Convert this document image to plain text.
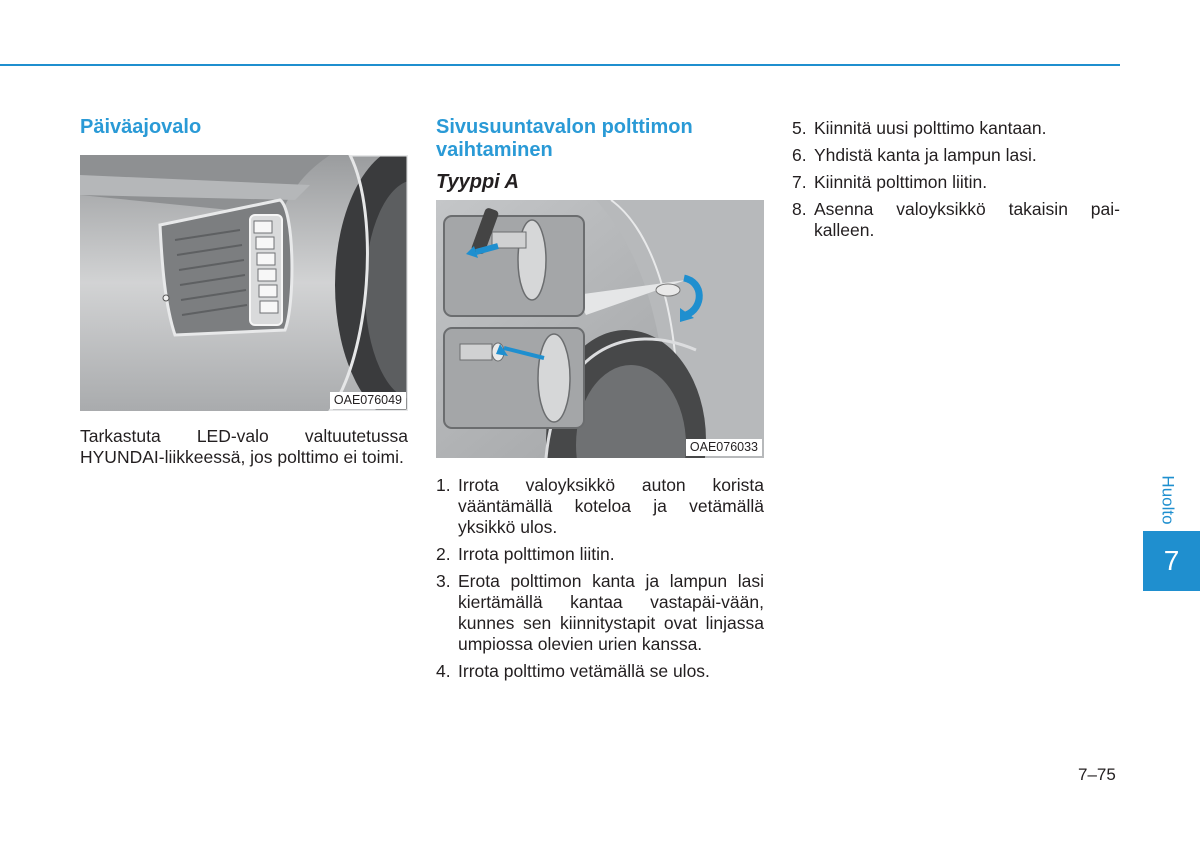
Päiväajovalo
OAE076049

Tarkastuta LED-valo valtuutetussa HYUNDAI-liikkeessä, jos polttimo ei toimi.

Sivusuuntavalon polttimon vaihtaminen
Tyyppi A
OAE076033
1. Irrota valoyksikkö auton korista vääntämällä koteloa ja vetämällä yksikkö ulos.
2. Irrota polttimon liitin.
3. Erota polttimon kanta ja lampun lasi kiertämällä kantaa vastapäi-vään, kunnes sen kiinnitystapit ovat linjassa umpiossa olevien urien kanssa.
4. Irrota polttimo vetämällä se ulos.
5. Kiinnitä uusi polttimo kantaan.
6. Yhdistä kanta ja lampun lasi.
7. Kiinnitä polttimon liitin.
8. Asenna valoyksikkö takaisin pai-kalleen.
Huolto
7
7–75
